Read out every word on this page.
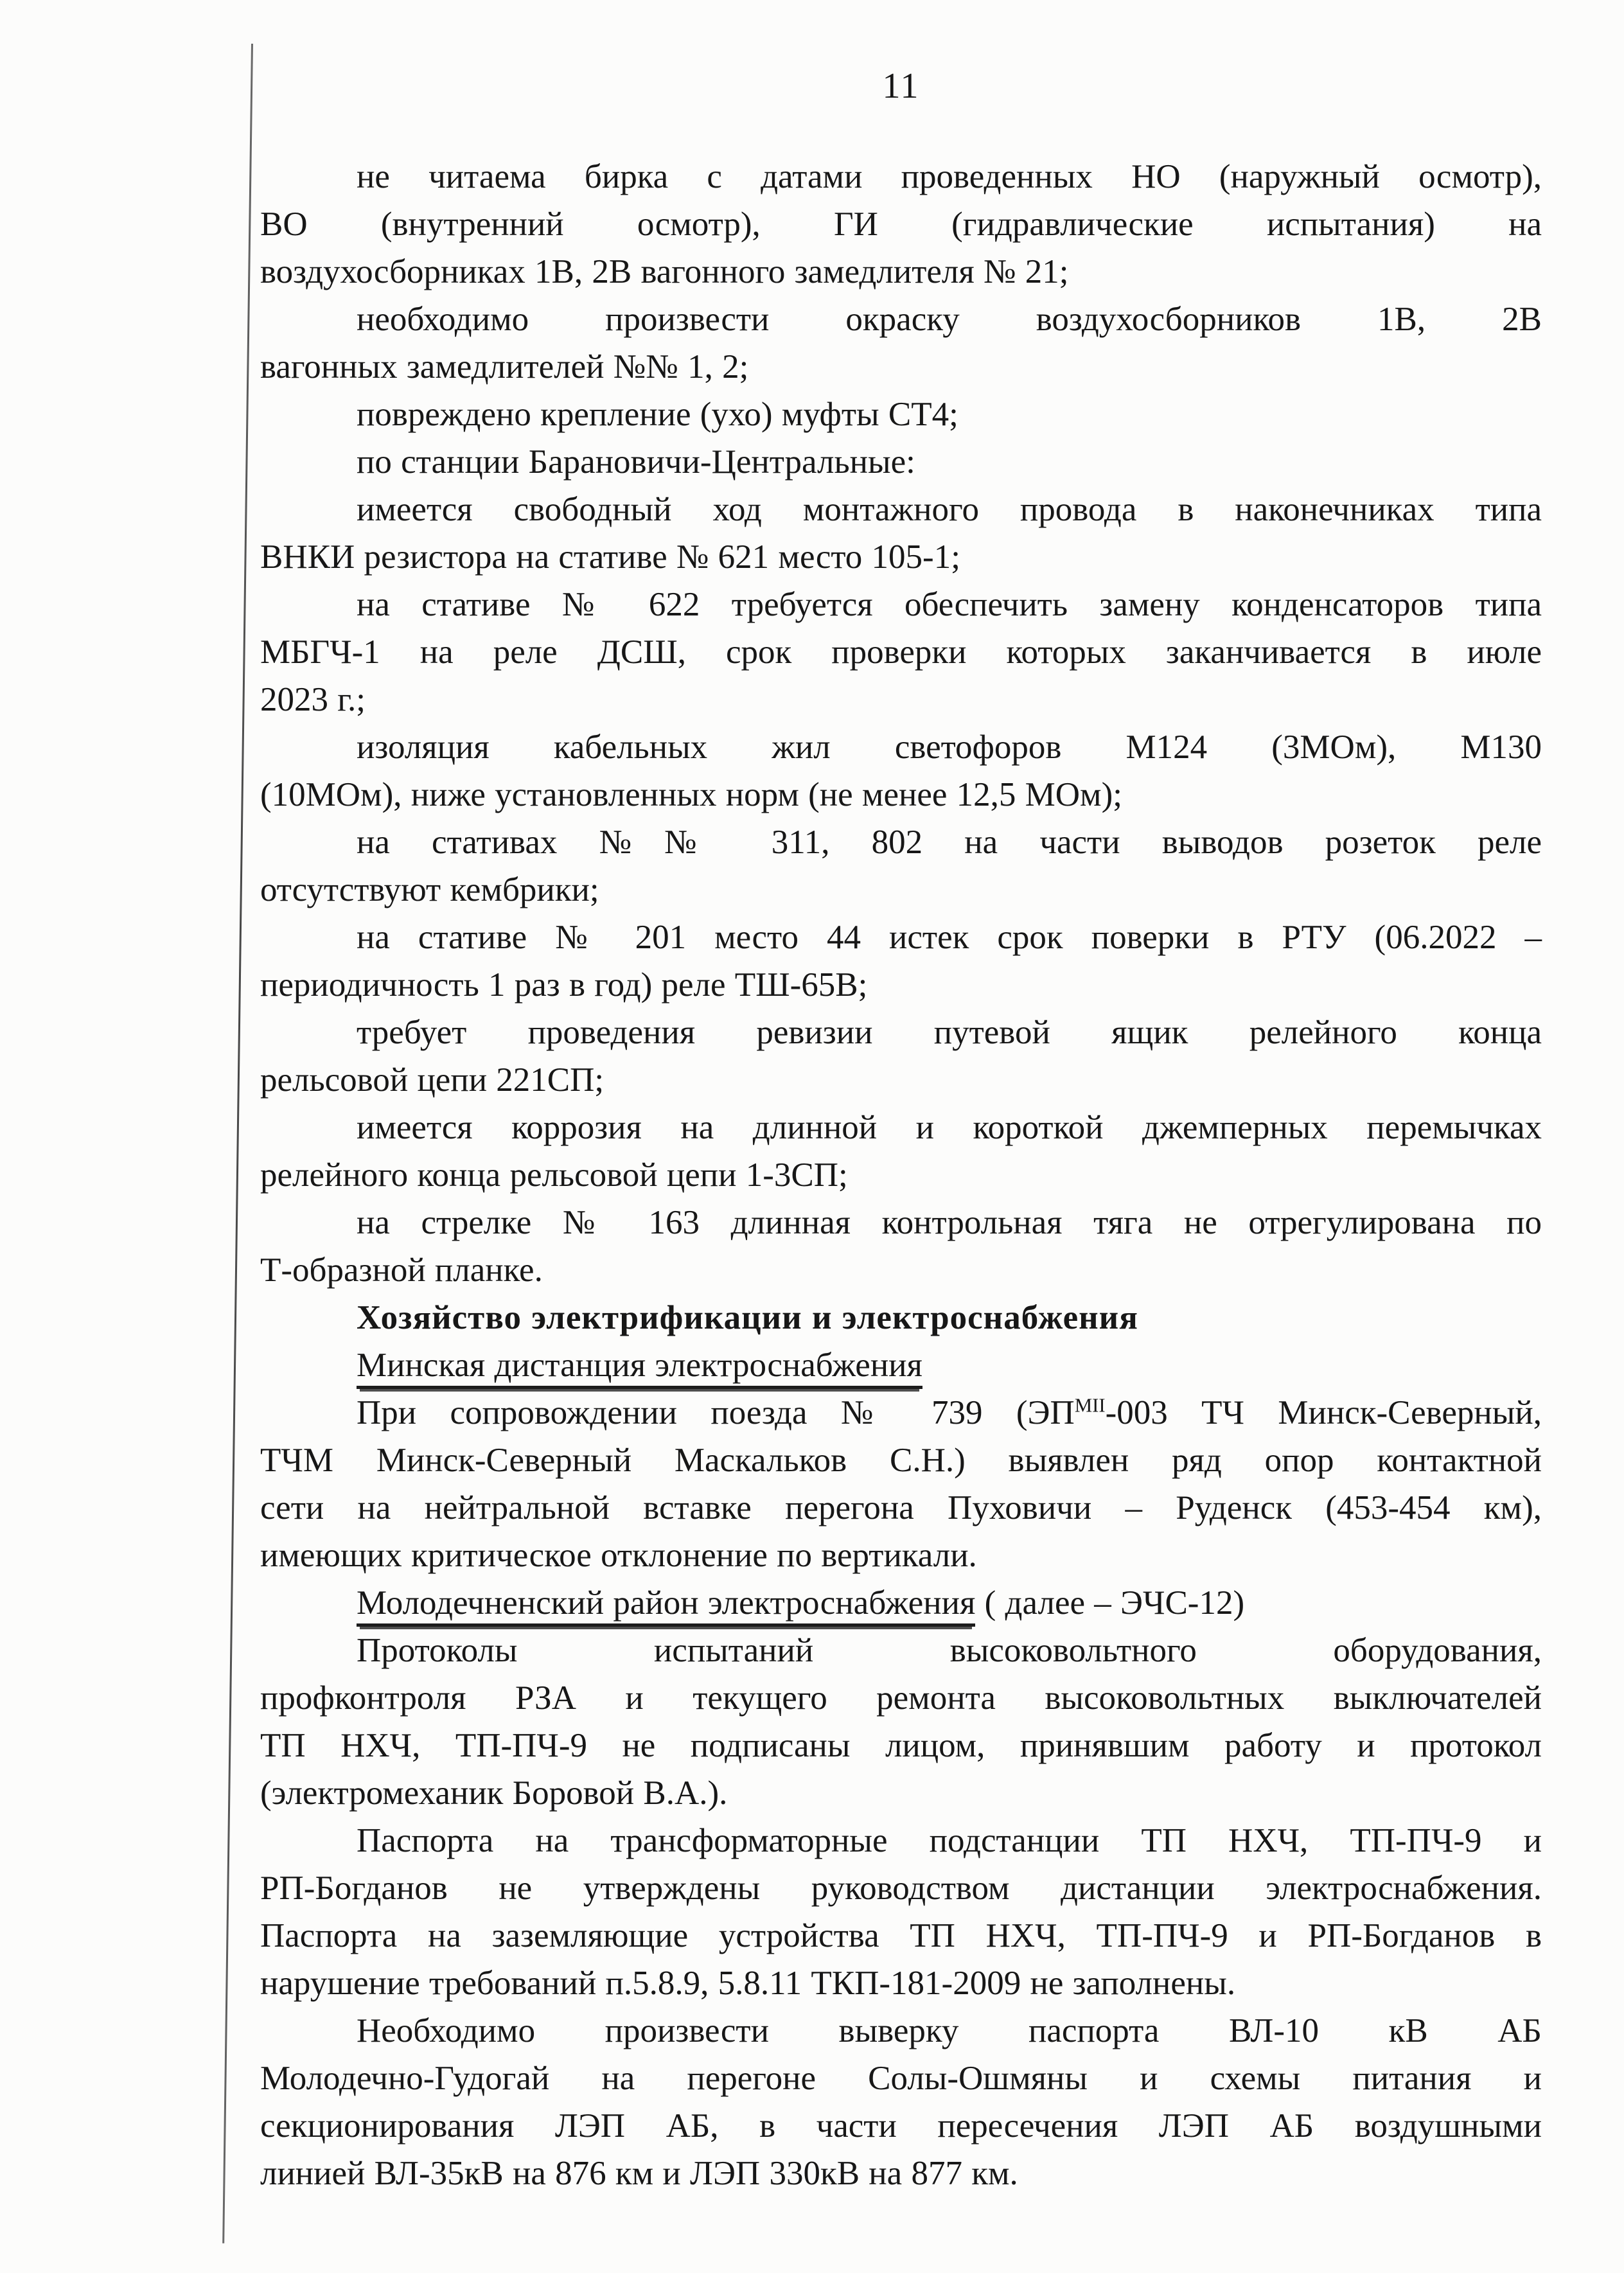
11
не читаема бирка с датами проведенных НО (наружный осмотр),
ВО (внутренний осмотр), ГИ (гидравлические испытания) на
воздухосборниках 1В, 2В вагонного замедлителя № 21;
необходимо произвести окраску воздухосборников 1В, 2В
вагонных замедлителей №№ 1, 2;
повреждено крепление (ухо) муфты СТ4;
по станции Барановичи-Центральные:
имеется свободный ход монтажного провода в наконечниках типа
ВНКИ резистора на стативе № 621 место 105-1;
на стативе № 622 требуется обеспечить замену конденсаторов типа
МБГЧ-1 на реле ДСШ, срок проверки которых заканчивается в июле
2023 г.;
изоляция кабельных жил светофоров М124 (3МОм), М130
(10МОм), ниже установленных норм (не менее 12,5 МОм);
на стативах №№ 311, 802 на части выводов розеток реле
отсутствуют кембрики;
на стативе № 201 место 44 истек срок поверки в РТУ (06.2022 –
периодичность 1 раз в год) реле ТШ-65В;
требует проведения ревизии путевой ящик релейного конца
рельсовой цепи 221СП;
имеется коррозия на длинной и короткой джемперных перемычках
релейного конца рельсовой цепи 1-3СП;
на стрелке № 163 длинная контрольная тяга не отрегулирована по
Т-образной планке.
Хозяйство электрификации и электроснабжения
Минская дистанция электроснабжения
При сопровождении поезда № 739 ($ЭП^{МII}-003$ ТЧ Минск-Северный,
ТЧМ Минск-Северный Маскальков С.Н.) выявлен ряд опор контактной
сети на нейтральной вставке перегона Пуховичи – Руденск (453-454 км),
имеющих критическое отклонение по вертикали.
Молодечненский район электроснабжения ( далее – ЭЧС-12)
Протоколы испытаний высоковольтного оборудования,
профконтроля РЗА и текущего ремонта высоковольтных выключателей
ТП НХЧ, ТП-ПЧ-9 не подписаны лицом, принявшим работу и протокол
(электромеханик Боровой В.А.).
Паспорта на трансформаторные подстанции ТП НХЧ, ТП-ПЧ-9 и
РП-Богданов не утверждены руководством дистанции электроснабжения.
Паспорта на заземляющие устройства ТП НХЧ, ТП-ПЧ-9 и РП-Богданов в
нарушение требований п.5.8.9, 5.8.11 ТКП-181-2009 не заполнены.
Необходимо произвести выверку паспорта ВЛ-10 кВ АБ
Молодечно-Гудогай на перегоне Солы-Ошмяны и схемы питания и
секционирования ЛЭП АБ, в части пересечения ЛЭП АБ воздушными
линией ВЛ-35кВ на 876 км и ЛЭП 330кВ на 877 км.
